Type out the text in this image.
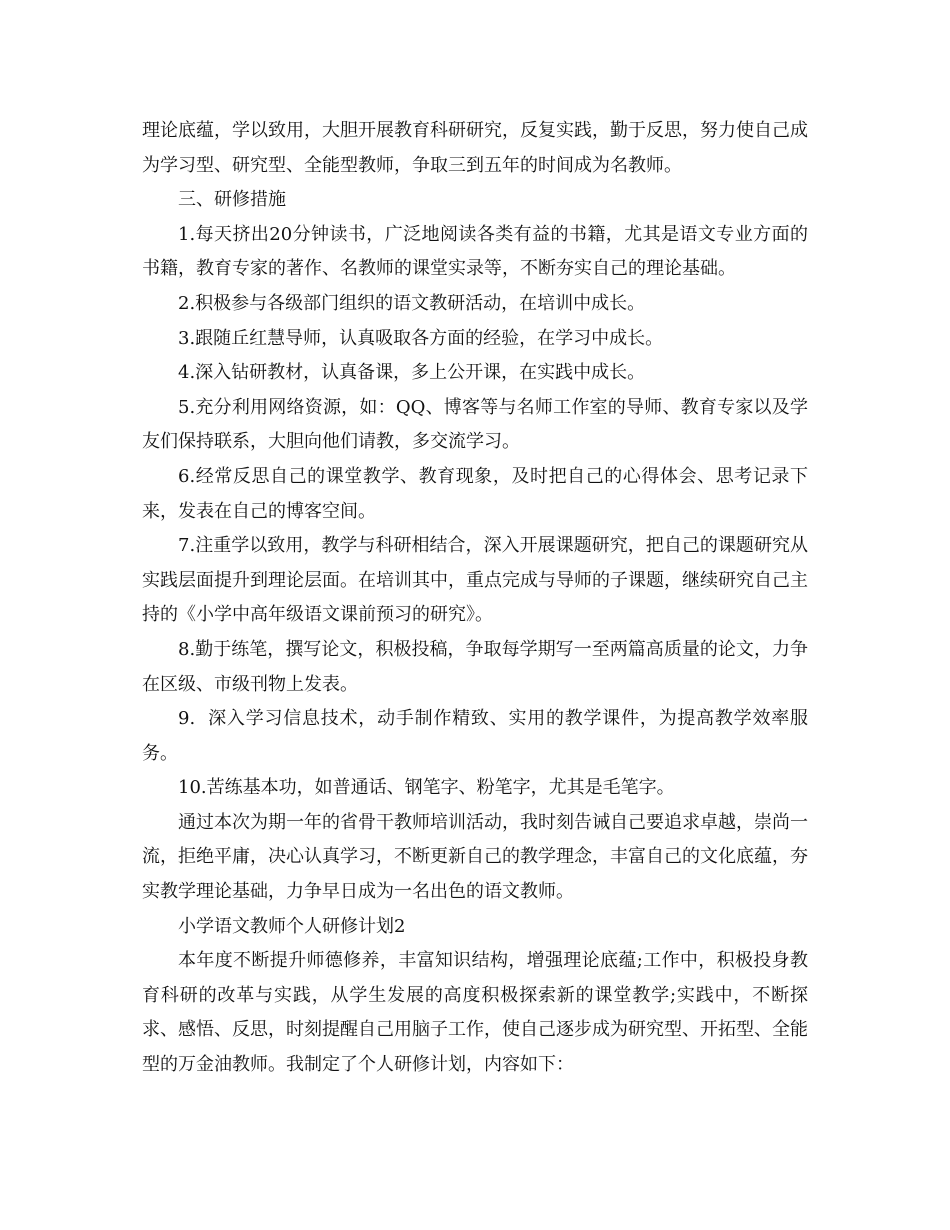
理论底蕴，学以致用，大胆开展教育科研研究，反复实践，勤于反思，努力使自己成为学习型、研究型、全能型教师，争取三到五年的时间成为名教师。

三、研修措施

1.每天挤出20分钟读书，广泛地阅读各类有益的书籍，尤其是语文专业方面的书籍，教育专家的著作、名教师的课堂实录等，不断夯实自己的理论基础。

2.积极参与各级部门组织的语文教研活动，在培训中成长。

3.跟随丘红慧导师，认真吸取各方面的经验，在学习中成长。

4.深入钻研教材，认真备课，多上公开课，在实践中成长。

5.充分利用网络资源，如：QQ、博客等与名师工作室的导师、教育专家以及学友们保持联系，大胆向他们请教，多交流学习。

6.经常反思自己的课堂教学、教育现象，及时把自己的心得体会、思考记录下来，发表在自己的博客空间。

7.注重学以致用，教学与科研相结合，深入开展课题研究，把自己的课题研究从实践层面提升到理论层面。在培训其中，重点完成与导师的子课题，继续研究自己主持的《小学中高年级语文课前预习的研究》。

8.勤于练笔，撰写论文，积极投稿，争取每学期写一至两篇高质量的论文，力争在区级、市级刊物上发表。

9.  深入学习信息技术，动手制作精致、实用的教学课件，为提高教学效率服务。

10.苦练基本功，如普通话、钢笔字、粉笔字，尤其是毛笔字。

通过本次为期一年的省骨干教师培训活动，我时刻告诫自己要追求卓越，崇尚一流，拒绝平庸，决心认真学习，不断更新自己的教学理念，丰富自己的文化底蕴，夯实教学理论基础，力争早日成为一名出色的语文教师。

小学语文教师个人研修计划2

本年度不断提升师德修养，丰富知识结构，增强理论底蕴;工作中，积极投身教育科研的改革与实践，从学生发展的高度积极探索新的课堂教学;实践中，不断探求、感悟、反思，时刻提醒自己用脑子工作，使自己逐步成为研究型、开拓型、全能型的万金油教师。我制定了个人研修计划，内容如下：
